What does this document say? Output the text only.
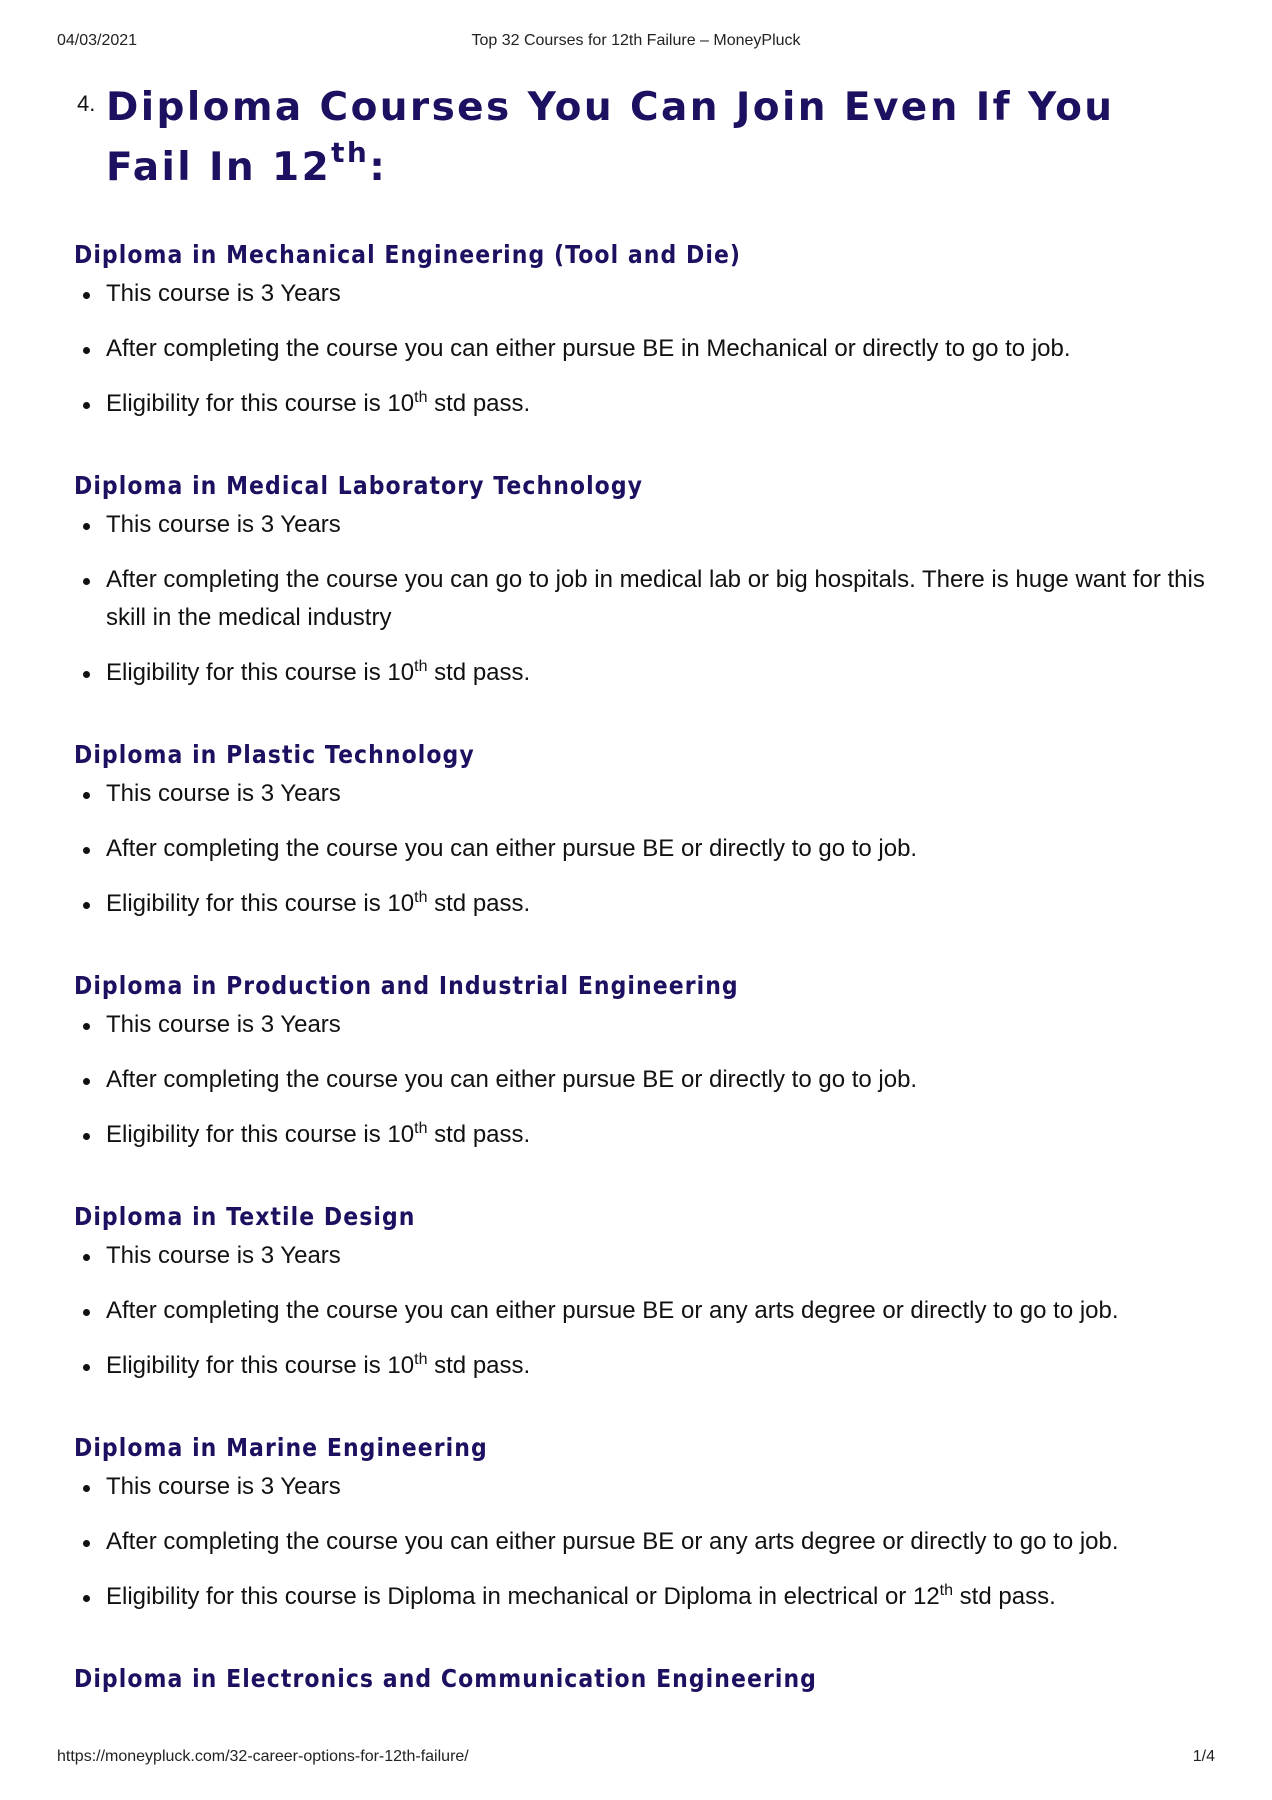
04/03/2021	Top 32 Courses for 12th Failure – MoneyPluck
4. Diploma Courses You Can Join Even If You Fail In 12th:
Diploma in Mechanical Engineering (Tool and Die)
This course is 3 Years
After completing the course you can either pursue BE in Mechanical or directly to go to job.
Eligibility for this course is 10th std pass.
Diploma in Medical Laboratory Technology
This course is 3 Years
After completing the course you can go to job in medical lab or big hospitals. There is huge want for this skill in the medical industry
Eligibility for this course is 10th std pass.
Diploma in Plastic Technology
This course is 3 Years
After completing the course you can either pursue BE or directly to go to job.
Eligibility for this course is 10th std pass.
Diploma in Production and Industrial Engineering
This course is 3 Years
After completing the course you can either pursue BE or directly to go to job.
Eligibility for this course is 10th std pass.
Diploma in Textile Design
This course is 3 Years
After completing the course you can either pursue BE or any arts degree or directly to go to job.
Eligibility for this course is 10th std pass.
Diploma in Marine Engineering
This course is 3 Years
After completing the course you can either pursue BE or any arts degree or directly to go to job.
Eligibility for this course is Diploma in mechanical or Diploma in electrical or 12th std pass.
Diploma in Electronics and Communication Engineering
https://moneypluck.com/32-career-options-for-12th-failure/	1/4
